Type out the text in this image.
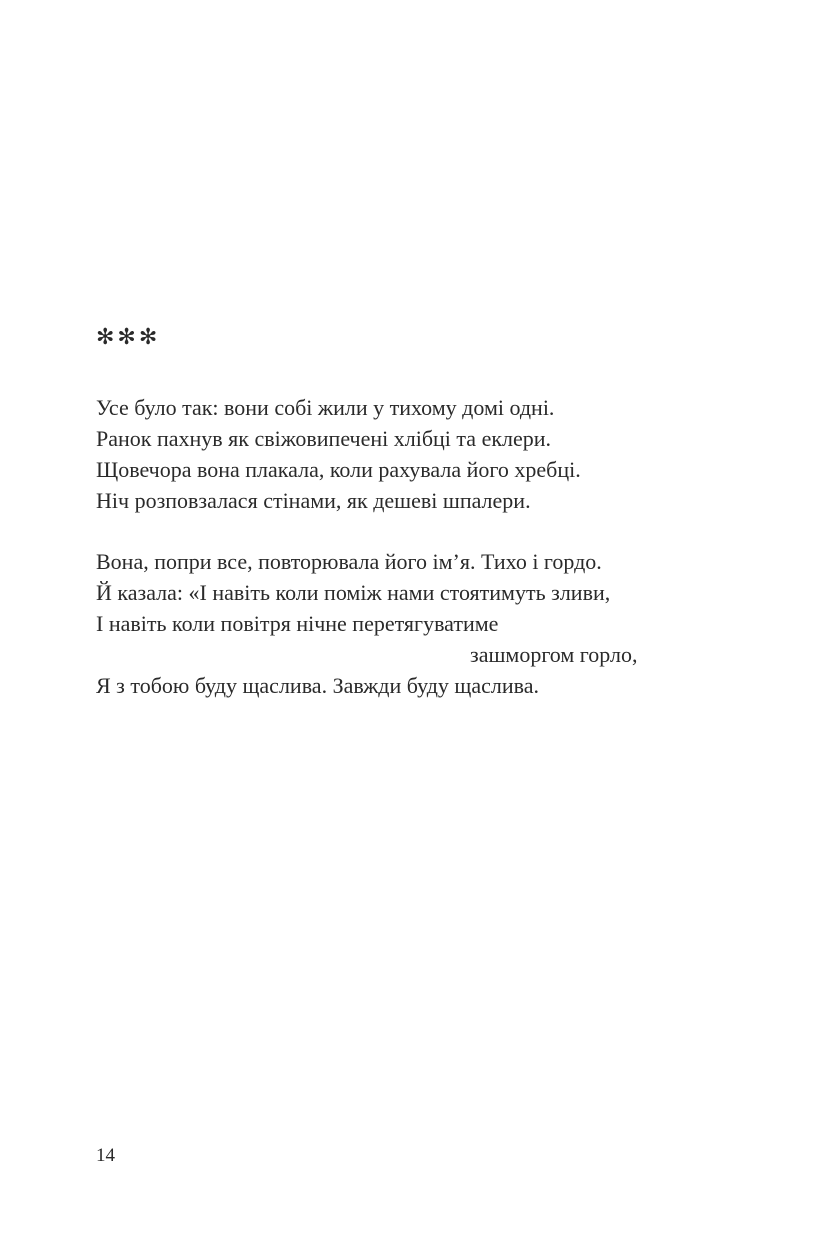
✻✻✻

Усе було так: вони собі жили у тихому домі одні.
Ранок пахнув як свіжовипечені хлібці та еклери.
Щовечора вона плакала, коли рахувала його хребці.
Ніч розповзалася стінами, як дешеві шпалери.

Вона, попри все, повторювала його ім’я. Тихо і гордо.
Й казала: «І навіть коли поміж нами стоятимуть зливи,
І навіть коли повітря нічне перетягуватиме
зашморгом горло,
Я з тобою буду щаслива. Завжди буду щаслива.

14
